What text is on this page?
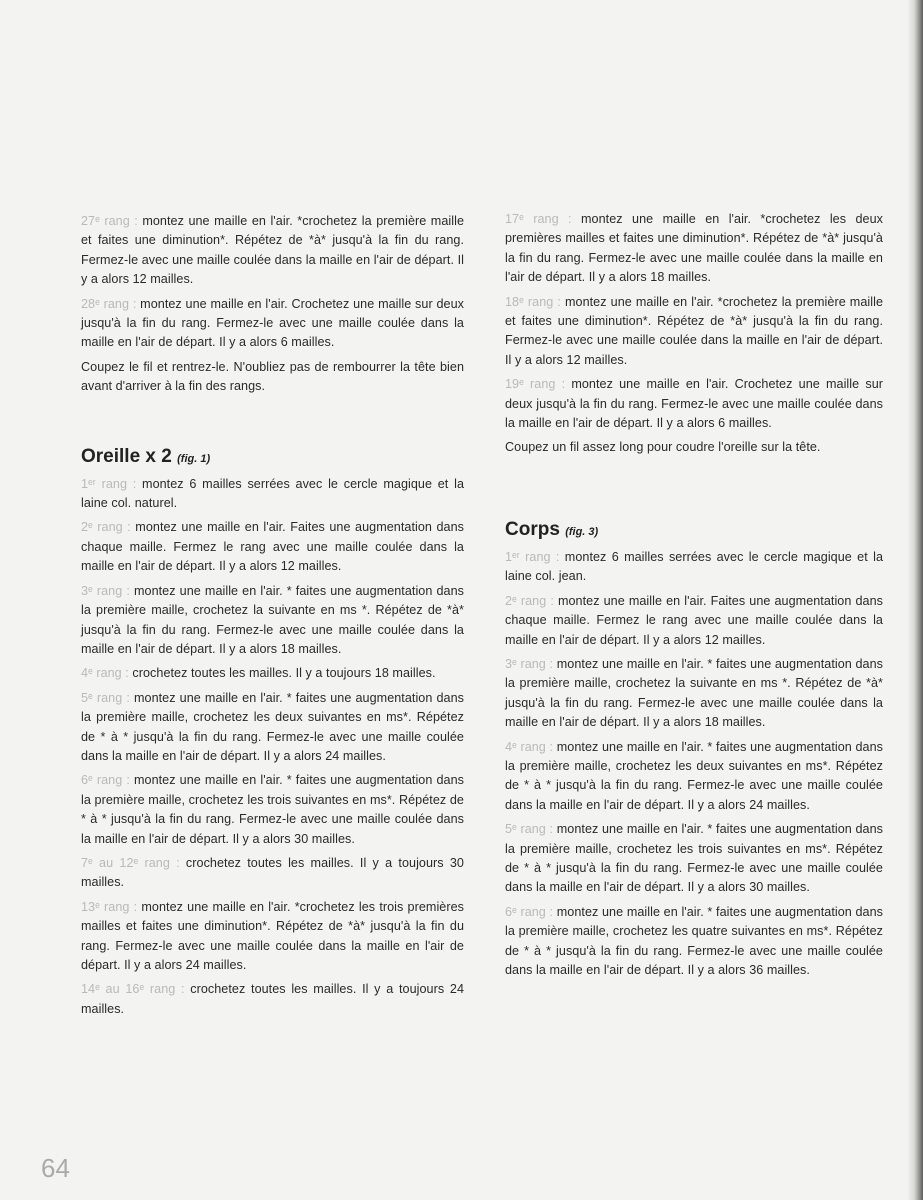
27ᵉ rang : montez une maille en l'air. *crochetez la première maille et faites une diminution*. Répétez de *à* jusqu'à la fin du rang. Fermez-le avec une maille coulée dans la maille en l'air de départ. Il y a alors 12 mailles.

28ᵉ rang : montez une maille en l'air. Crochetez une maille sur deux jusqu'à la fin du rang. Fermez-le avec une maille coulée dans la maille en l'air de départ. Il y a alors 6 mailles.

Coupez le fil et rentrez-le. N'oubliez pas de rembourrer la tête bien avant d'arriver à la fin des rangs.

Oreille x 2 (fig. 1)

1ᵉʳ rang : montez 6 mailles serrées avec le cercle magique et la laine col. naturel.

2ᵉ rang : montez une maille en l'air. Faites une augmentation dans chaque maille. Fermez le rang avec une maille coulée dans la maille en l'air de départ. Il y a alors 12 mailles.

3ᵉ rang : montez une maille en l'air. * faites une augmentation dans la première maille, crochetez la suivante en ms *. Répétez de *à* jusqu'à la fin du rang. Fermez-le avec une maille coulée dans la maille en l'air de départ. Il y a alors 18 mailles.

4ᵉ rang : crochetez toutes les mailles. Il y a toujours 18 mailles.

5ᵉ rang : montez une maille en l'air. * faites une augmentation dans la première maille, crochetez les deux suivantes en ms*. Répétez de * à * jusqu'à la fin du rang. Fermez-le avec une maille coulée dans la maille en l'air de départ. Il y a alors 24 mailles.

6ᵉ rang : montez une maille en l'air. * faites une augmentation dans la première maille, crochetez les trois suivantes en ms*. Répétez de * à * jusqu'à la fin du rang. Fermez-le avec une maille coulée dans la maille en l'air de départ. Il y a alors 30 mailles.

7ᵉ au 12ᵉ rang : crochetez toutes les mailles. Il y a toujours 30 mailles.

13ᵉ rang : montez une maille en l'air. *crochetez les trois premières mailles et faites une diminution*. Répétez de *à* jusqu'à la fin du rang. Fermez-le avec une maille coulée dans la maille en l'air de départ. Il y a alors 24 mailles.

14ᵉ au 16ᵉ rang : crochetez toutes les mailles. Il y a toujours 24 mailles.

17ᵉ rang : montez une maille en l'air. *crochetez les deux premières mailles et faites une diminution*. Répétez de *à* jusqu'à la fin du rang. Fermez-le avec une maille coulée dans la maille en l'air de départ. Il y a alors 18 mailles.

18ᵉ rang : montez une maille en l'air. *crochetez la première maille et faites une diminution*. Répétez de *à* jusqu'à la fin du rang. Fermez-le avec une maille coulée dans la maille en l'air de départ. Il y a alors 12 mailles.

19ᵉ rang : montez une maille en l'air. Crochetez une maille sur deux jusqu'à la fin du rang. Fermez-le avec une maille coulée dans la maille en l'air de départ. Il y a alors 6 mailles.

Coupez un fil assez long pour coudre l'oreille sur la tête.

Corps (fig. 3)

1ᵉʳ rang : montez 6 mailles serrées avec le cercle magique et la laine col. jean.

2ᵉ rang : montez une maille en l'air. Faites une augmentation dans chaque maille. Fermez le rang avec une maille coulée dans la maille en l'air de départ. Il y a alors 12 mailles.

3ᵉ rang : montez une maille en l'air. * faites une augmentation dans la première maille, crochetez la suivante en ms *. Répétez de *à* jusqu'à la fin du rang. Fermez-le avec une maille coulée dans la maille en l'air de départ. Il y a alors 18 mailles.

4ᵉ rang : montez une maille en l'air. * faites une augmentation dans la première maille, crochetez les deux suivantes en ms*. Répétez de * à * jusqu'à la fin du rang. Fermez-le avec une maille coulée dans la maille en l'air de départ. Il y a alors 24 mailles.

5ᵉ rang : montez une maille en l'air. * faites une augmentation dans la première maille, crochetez les trois suivantes en ms*. Répétez de * à * jusqu'à la fin du rang. Fermez-le avec une maille coulée dans la maille en l'air de départ. Il y a alors 30 mailles.

6ᵉ rang : montez une maille en l'air. * faites une augmentation dans la première maille, crochetez les quatre suivantes en ms*. Répétez de * à * jusqu'à la fin du rang. Fermez-le avec une maille coulée dans la maille en l'air de départ. Il y a alors 36 mailles.

64
